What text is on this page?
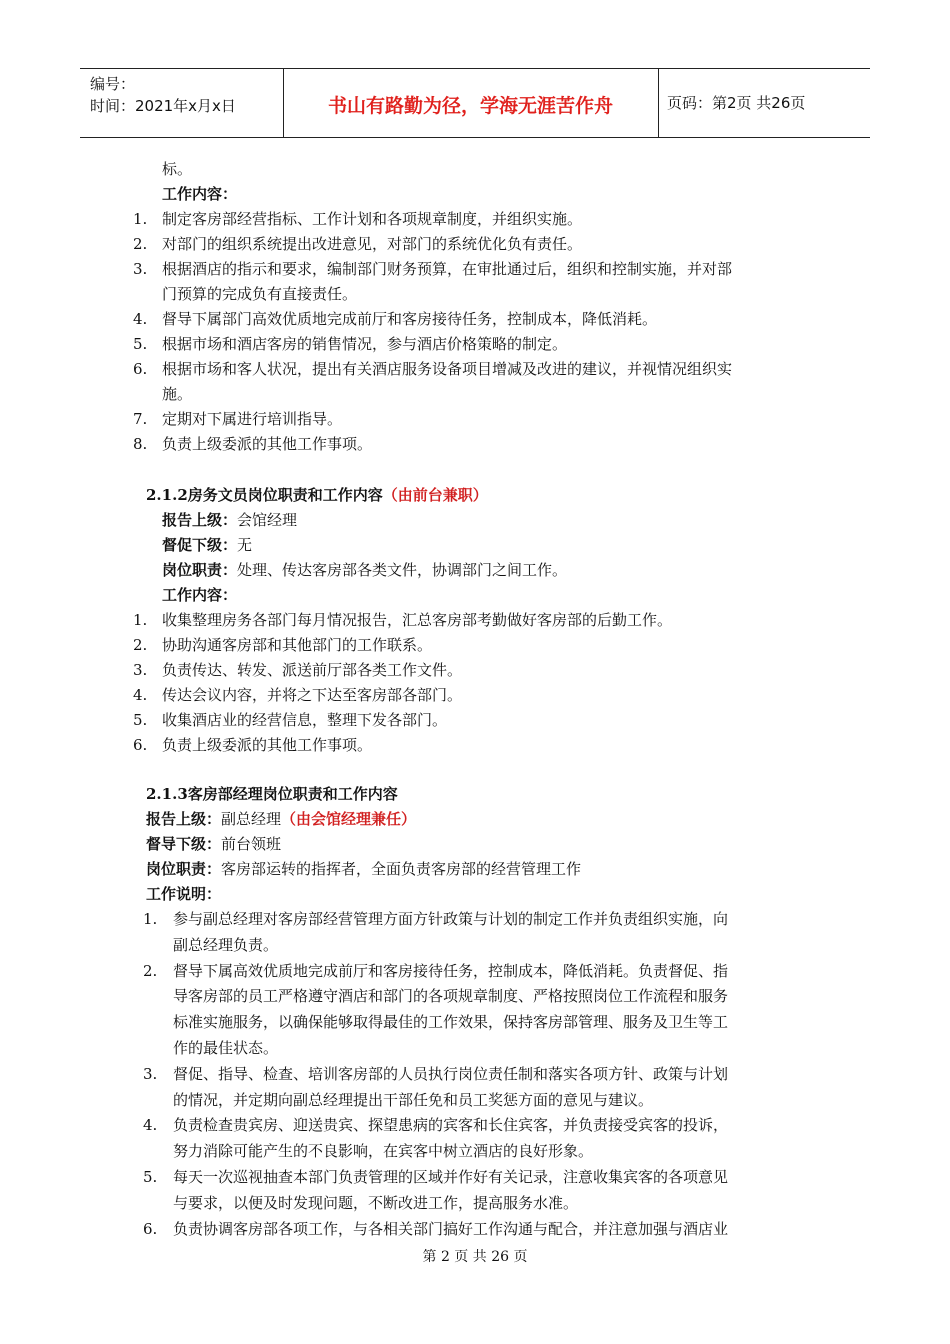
编号：
时间：2021年x月x日	书山有路勤为径，学海无涯苦作舟	页码：第2页 共26页
标。
工作内容：
1. 制定客房部经营指标、工作计划和各项规章制度，并组织实施。
2. 对部门的组织系统提出改进意见，对部门的系统优化负有责任。
3. 根据酒店的指示和要求，编制部门财务预算，在审批通过后，组织和控制实施，并对部
门预算的完成负有直接责任。
4. 督导下属部门高效优质地完成前厅和客房接待任务，控制成本，降低消耗。
5. 根据市场和酒店客房的销售情况，参与酒店价格策略的制定。
6. 根据市场和客人状况，提出有关酒店服务设备项目增减及改进的建议，并视情况组织实
施。
7. 定期对下属进行培训指导。
8. 负责上级委派的其他工作事项。
2.1.2房务文员岗位职责和工作内容（由前台兼职）
报告上级：会馆经理
督促下级：无
岗位职责：处理、传达客房部各类文件，协调部门之间工作。
工作内容：
1. 收集整理房务各部门每月情况报告，汇总客房部考勤做好客房部的后勤工作。
2. 协助沟通客房部和其他部门的工作联系。
3. 负责传达、转发、派送前厅部各类工作文件。
4. 传达会议内容，并将之下达至客房部各部门。
5. 收集酒店业的经营信息，整理下发各部门。
6. 负责上级委派的其他工作事项。
2.1.3客房部经理岗位职责和工作内容
报告上级：副总经理（由会馆经理兼任）
督导下级：前台领班
岗位职责：客房部运转的指挥者，全面负责客房部的经营管理工作
工作说明：
1. 参与副总经理对客房部经营管理方面方针政策与计划的制定工作并负责组织实施，向
副总经理负责。
2. 督导下属高效优质地完成前厅和客房接待任务，控制成本，降低消耗。负责督促、指
导客房部的员工严格遵守酒店和部门的各项规章制度、严格按照岗位工作流程和服务
标准实施服务，以确保能够取得最佳的工作效果，保持客房部管理、服务及卫生等工
作的最佳状态。
3. 督促、指导、检查、培训客房部的人员执行岗位责任制和落实各项方针、政策与计划
的情况，并定期向副总经理提出干部任免和员工奖惩方面的意见与建议。
4. 负责检查贵宾房、迎送贵宾、探望患病的宾客和长住宾客，并负责接受宾客的投诉，
努力消除可能产生的不良影响，在宾客中树立酒店的良好形象。
5. 每天一次巡视抽查本部门负责管理的区域并作好有关记录，注意收集宾客的各项意见
与要求，以便及时发现问题，不断改进工作，提高服务水准。
6. 负责协调客房部各项工作，与各相关部门搞好工作沟通与配合，并注意加强与酒店业
第 2 页 共 26 页
